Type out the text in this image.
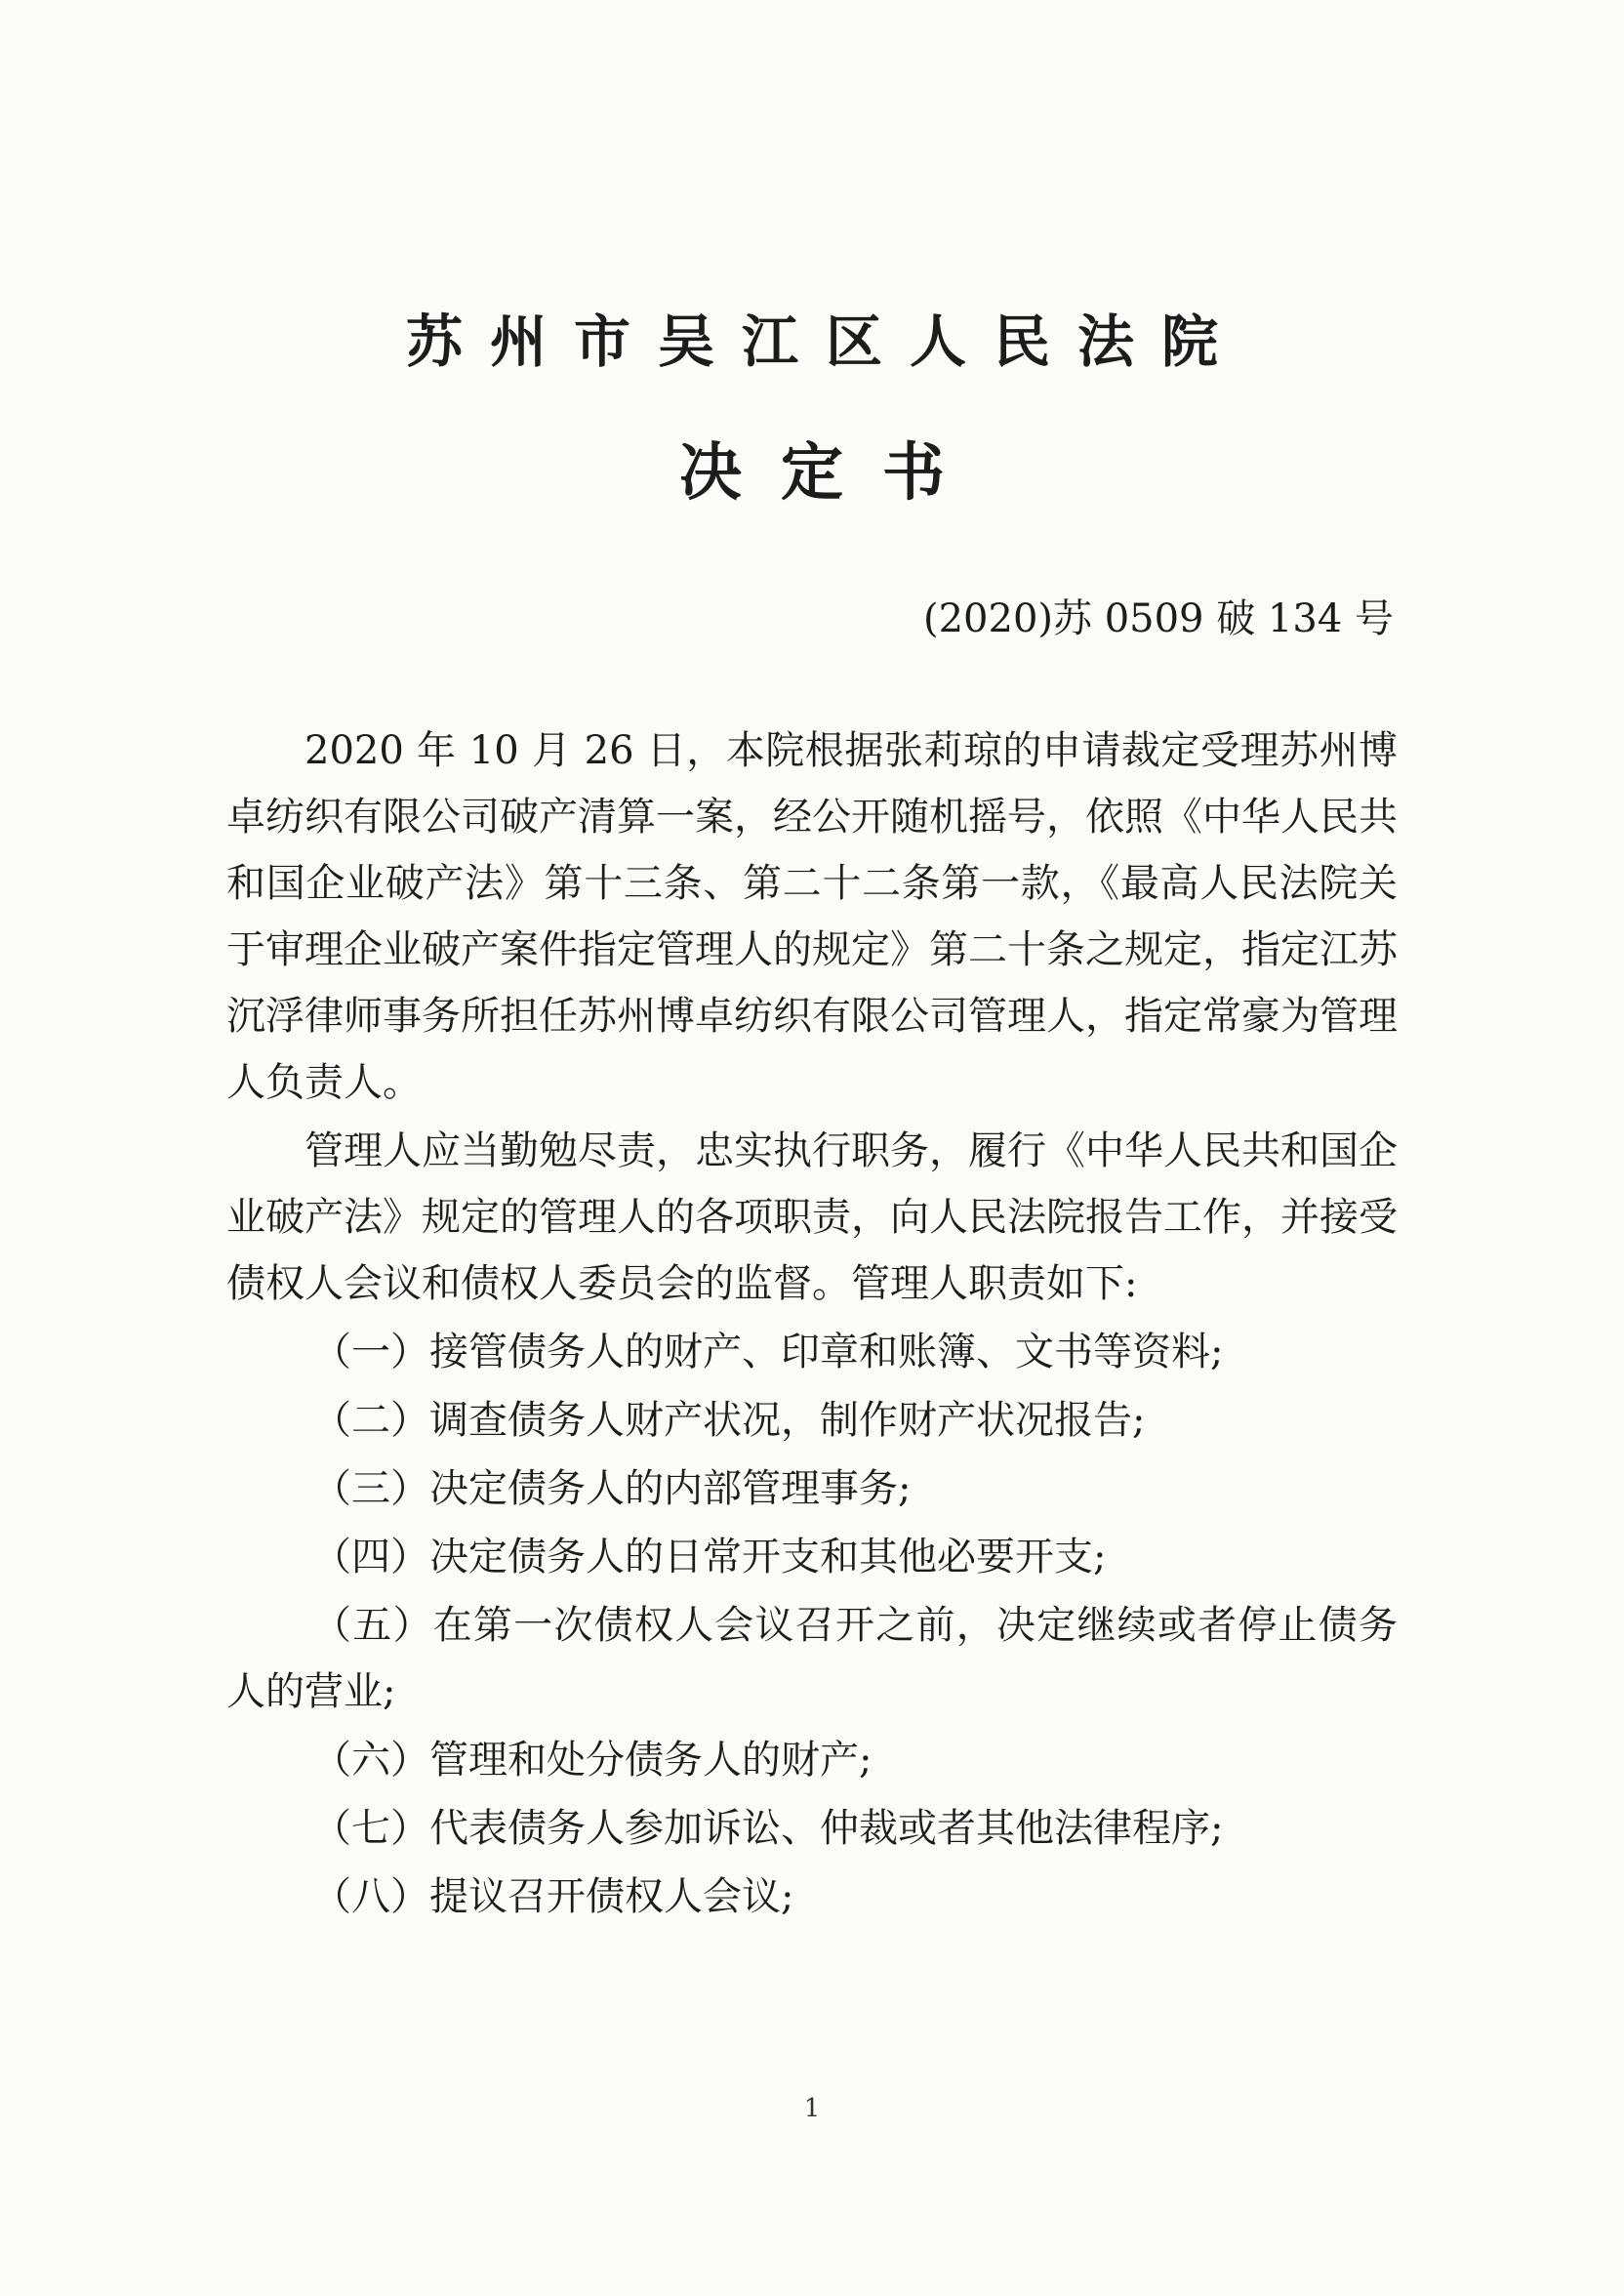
苏州市吴江区人民法院
决定书
(2020)苏 0509 破 134 号

2020 年 10 月 26 日，本院根据张莉琼的申请裁定受理苏州博卓纺织有限公司破产清算一案，经公开随机摇号，依照《中华人民共和国企业破产法》第十三条、第二十二条第一款，《最高人民法院关于审理企业破产案件指定管理人的规定》第二十条之规定，指定江苏沉浮律师事务所担任苏州博卓纺织有限公司管理人，指定常豪为管理人负责人。

管理人应当勤勉尽责，忠实执行职务，履行《中华人民共和国企业破产法》规定的管理人的各项职责，向人民法院报告工作，并接受债权人会议和债权人委员会的监督。管理人职责如下:

（一）接管债务人的财产、印章和账簿、文书等资料;

（二）调查债务人财产状况，制作财产状况报告;

（三）决定债务人的内部管理事务;

（四）决定债务人的日常开支和其他必要开支;

（五）在第一次债权人会议召开之前，决定继续或者停止债务人的营业;

（六）管理和处分债务人的财产;

（七）代表债务人参加诉讼、仲裁或者其他法律程序;

（八）提议召开债权人会议;

1
